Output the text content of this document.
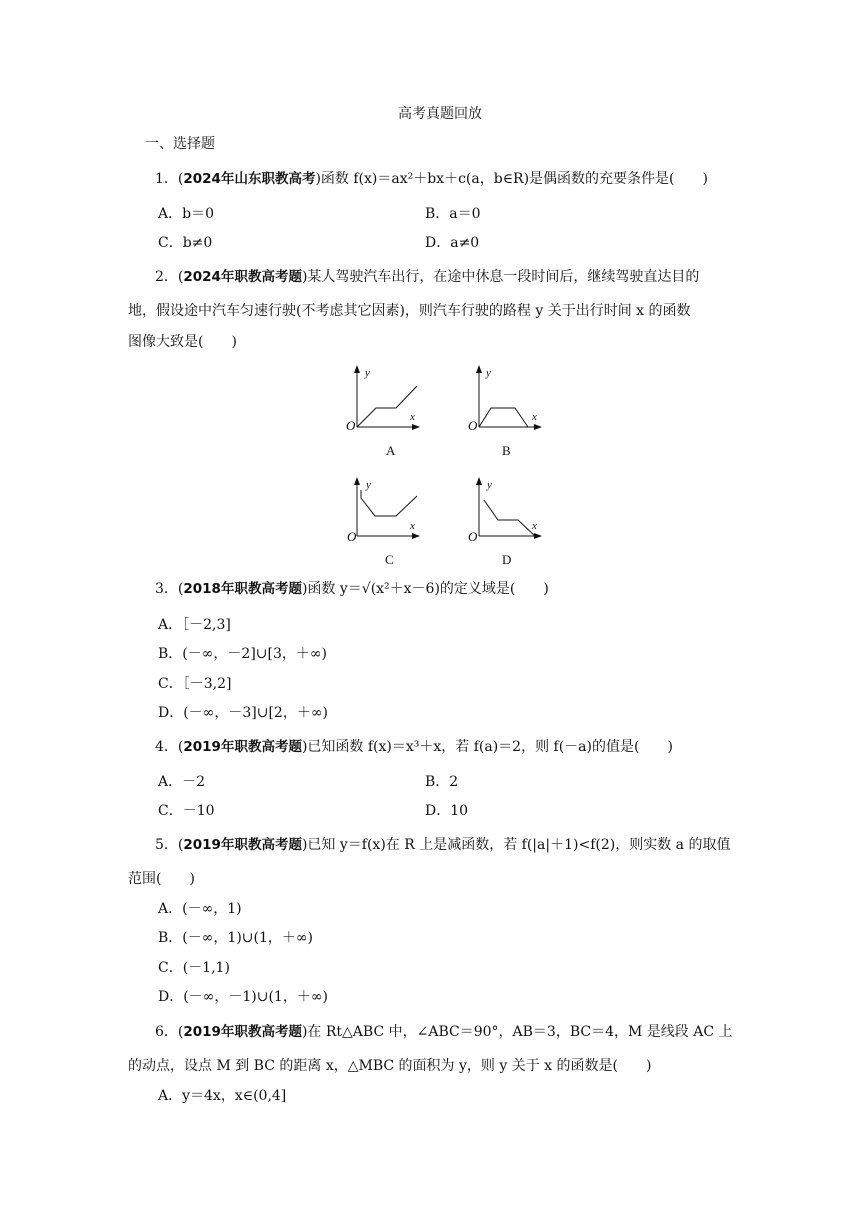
高考真题回放
一、选择题
1．(2024年山东职教高考)函数 f(x)＝ax²＋bx＋c(a，b∈R)是偶函数的充要条件是(　　)
A．b＝0	B．a＝0
C．b≠0	D．a≠0
2．(2024年职教高考题)某人驾驶汽车出行，在途中休息一段时间后，继续驾驶直达目的
地，假设途中汽车匀速行驶(不考虑其它因素)，则汽车行驶的路程 y 关于出行时间 x 的函数
图像大致是(　　)
y
x
O
A
y
x
O
B
y
x
O
C
y
x
O
D
3．(2018年职教高考题)函数 y＝√(x²＋x－6)的定义域是(　　)
A．［－2,3]
B．(－∞，－2]∪[3，＋∞)
C．［－3,2]
D．(－∞，－3]∪[2，＋∞)
4．(2019年职教高考题)已知函数 f(x)＝x³＋x，若 f(a)＝2，则 f(－a)的值是(　　)
A．－2	B．2
C．－10	D．10
5．(2019年职教高考题)已知 y＝f(x)在 R 上是减函数，若 f(|a|＋1)<f(2)，则实数 a 的取值
范围(　　)
A．(－∞，1)
B．(－∞，1)∪(1，＋∞)
C．(－1,1)
D．(－∞，－1)∪(1，＋∞)
6．(2019年职教高考题)在 Rt△ABC 中，∠ABC＝90°，AB＝3，BC＝4，M 是线段 AC 上
的动点，设点 M 到 BC 的距离 x，△MBC 的面积为 y，则 y 关于 x 的函数是(　　)
A．y＝4x，x∈(0,4]
